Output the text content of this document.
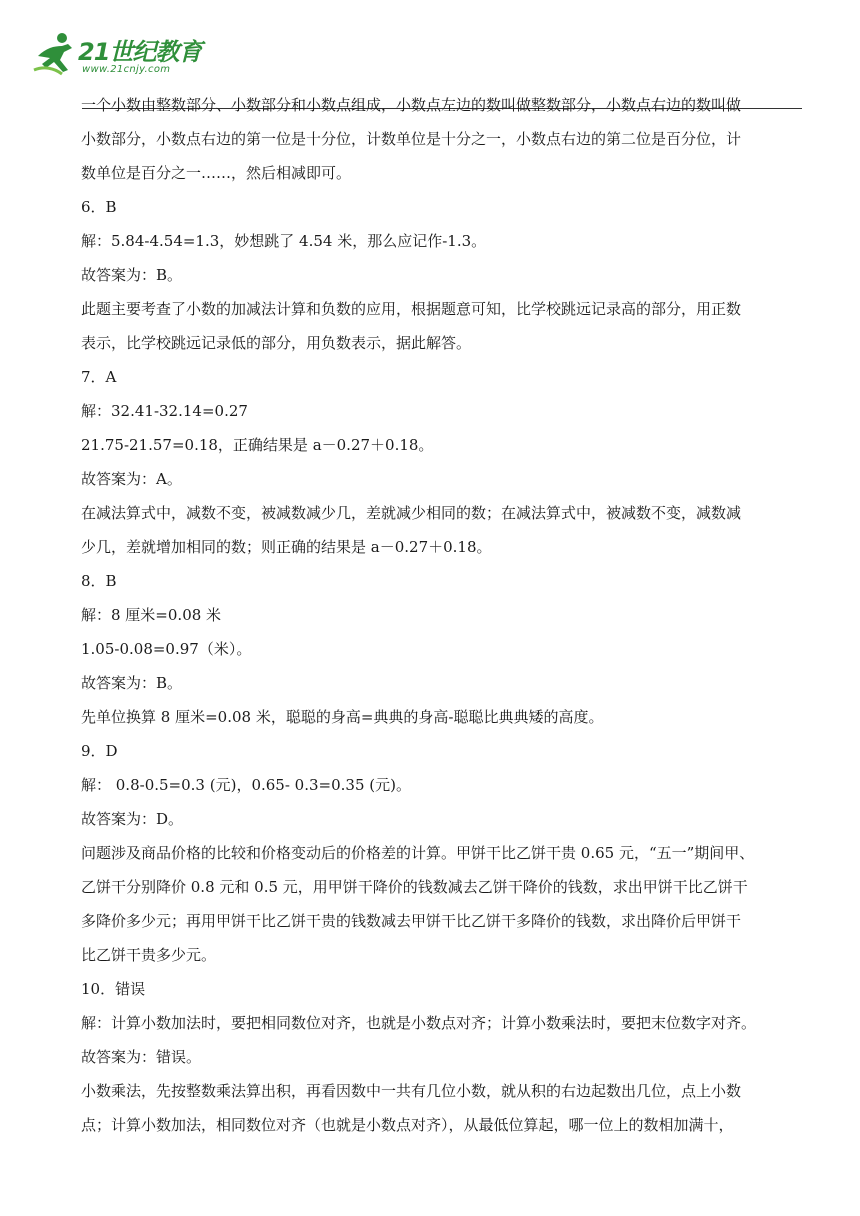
21世纪教育
www.21cnjy.com
一个小数由整数部分、小数部分和小数点组成，小数点左边的数叫做整数部分，小数点右边的数叫做
小数部分，小数点右边的第一位是十分位，计数单位是十分之一，小数点右边的第二位是百分位，计
数单位是百分之一……，然后相减即可。
6．B
解：5.84-4.54=1.3，妙想跳了 4.54 米，那么应记作-1.3。
故答案为：B。
此题主要考查了小数的加减法计算和负数的应用，根据题意可知，比学校跳远记录高的部分，用正数
表示，比学校跳远记录低的部分，用负数表示，据此解答。
7．A
解：32.41-32.14=0.27
21.75-21.57=0.18，正确结果是 a－0.27＋0.18。
故答案为：A。
在减法算式中，减数不变，被减数减少几，差就减少相同的数；在减法算式中，被减数不变，减数减
少几，差就增加相同的数；则正确的结果是 a－0.27＋0.18。
8．B
解：8 厘米=0.08 米
1.05-0.08=0.97（米）。
故答案为：B。
先单位换算 8 厘米=0.08 米，聪聪的身高=典典的身高-聪聪比典典矮的高度。
9．D
解： 0.8-0.5=0.3 (元)，0.65- 0.3=0.35 (元)。
故答案为：D。
问题涉及商品价格的比较和价格变动后的价格差的计算。甲饼干比乙饼干贵 0.65 元，“五一”期间甲、
乙饼干分别降价 0.8 元和 0.5 元，用甲饼干降价的钱数减去乙饼干降价的钱数，求出甲饼干比乙饼干
多降价多少元；再用甲饼干比乙饼干贵的钱数减去甲饼干比乙饼干多降价的钱数，求出降价后甲饼干
比乙饼干贵多少元。
10．错误
解：计算小数加法时，要把相同数位对齐，也就是小数点对齐；计算小数乘法时，要把末位数字对齐。
故答案为：错误。
小数乘法，先按整数乘法算出积，再看因数中一共有几位小数，就从积的右边起数出几位，点上小数
点；计算小数加法，相同数位对齐（也就是小数点对齐），从最低位算起，哪一位上的数相加满十，
